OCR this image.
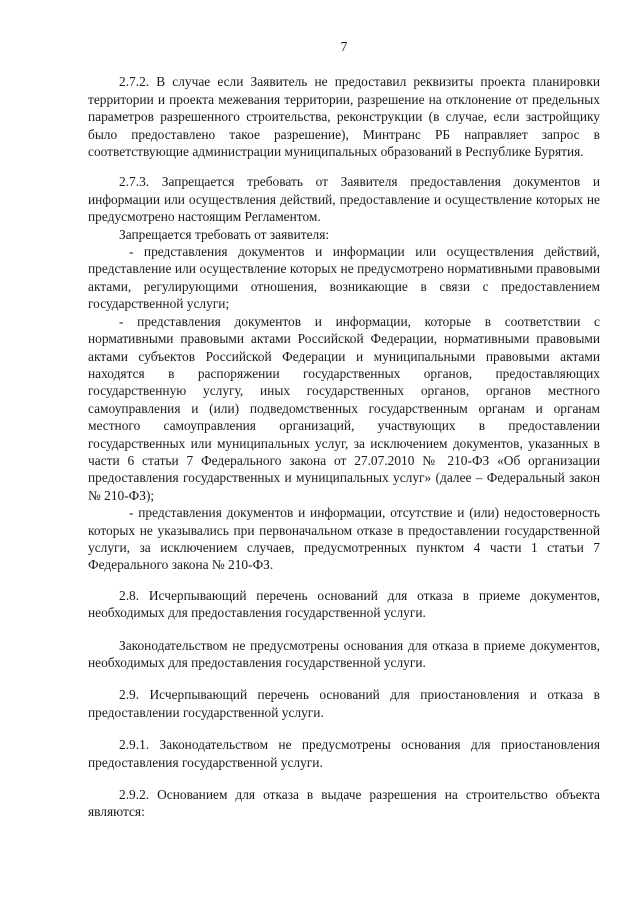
7

2.7.2. В случае если Заявитель не предоставил реквизиты проекта планировки территории и проекта межевания территории, разрешение на отклонение от предельных параметров разрешенного строительства, реконструкции (в случае, если застройщику было предоставлено такое разрешение), Минтранс РБ направляет запрос в соответствующие администрации муниципальных образований в Республике Бурятия.

2.7.3. Запрещается требовать от Заявителя предоставления документов и информации или осуществления действий, предоставление и осуществление которых не предусмотрено настоящим Регламентом.

Запрещается требовать от заявителя:

- представления документов и информации или осуществления действий, представление или осуществление которых не предусмотрено нормативными правовыми актами, регулирующими отношения, возникающие в связи с предоставлением государственной услуги;

- представления документов и информации, которые в соответствии с нормативными правовыми актами Российской Федерации, нормативными правовыми актами субъектов Российской Федерации и муниципальными правовыми актами находятся в распоряжении государственных органов, предоставляющих государственную услугу, иных государственных органов, органов местного самоуправления и (или) подведомственных государственным органам и органам местного самоуправления организаций, участвующих в предоставлении государственных или муниципальных услуг, за исключением документов, указанных в части 6 статьи 7 Федерального закона от 27.07.2010 № 210-ФЗ «Об организации предоставления государственных и муниципальных услуг» (далее – Федеральный закон № 210-ФЗ);

- представления документов и информации, отсутствие и (или) недостоверность которых не указывались при первоначальном отказе в предоставлении государственной услуги, за исключением случаев, предусмотренных пунктом 4 части 1 статьи 7 Федерального закона № 210-ФЗ.

2.8. Исчерпывающий перечень оснований для отказа в приеме документов, необходимых для предоставления государственной услуги.

Законодательством не предусмотрены основания для отказа в приеме документов, необходимых для предоставления государственной услуги.

2.9. Исчерпывающий перечень оснований для приостановления и отказа в предоставлении государственной услуги.

2.9.1. Законодательством не предусмотрены основания для приостановления предоставления государственной услуги.

2.9.2. Основанием для отказа в выдаче разрешения на строительство объекта являются:
